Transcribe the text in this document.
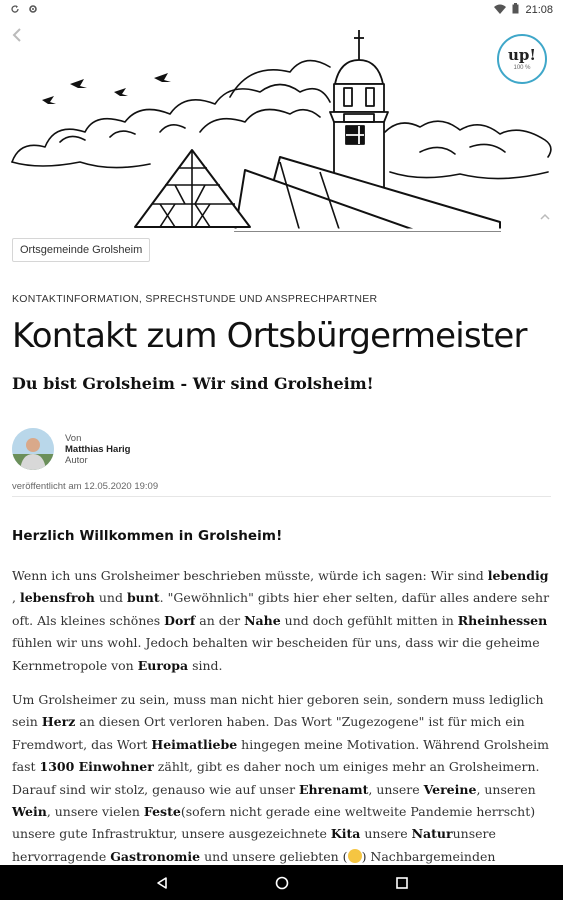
21:08
up!
100 %
Ortsgemeinde Grolsheim
KONTAKTINFORMATION, SPRECHSTUNDE UND ANSPRECHPARTNER
Kontakt zum Ortsbürgermeister
Du bist Grolsheim - Wir sind Grolsheim!
Von
Matthias Harig
Autor
veröffentlicht am 12.05.2020 19:09
Herzlich Willkommen in Grolsheim!

Wenn ich uns Grolsheimer beschrieben müsste, würde ich sagen: Wir sind lebendig , lebensfroh und bunt. "Gewöhnlich" gibts hier eher selten, dafür alles andere sehr oft. Als kleines schönes Dorf an der Nahe und doch gefühlt mitten in Rheinhessen fühlen wir uns wohl. Jedoch behalten wir bescheiden für uns, dass wir die geheime Kernmetropole von Europa sind.

Um Grolsheimer zu sein, muss man nicht hier geboren sein, sondern muss lediglich sein Herz an diesen Ort verloren haben. Das Wort "Zugezogene" ist für mich ein Fremdwort, das Wort Heimatliebe hingegen meine Motivation. Während Grolsheim fast 1300 Einwohner zählt, gibt es daher noch um einiges mehr an Grolsheimern. Darauf sind wir stolz, genauso wie auf unser Ehrenamt, unsere Vereine, unseren Wein, unsere vielen Feste(sofern nicht gerade eine weltweite Pandemie herrscht) unsere gute Infrastruktur, unsere ausgezeichnete Kita unsere Naturunsere hervorragende Gastronomie und unsere geliebten ( ) Nachbargemeinden
